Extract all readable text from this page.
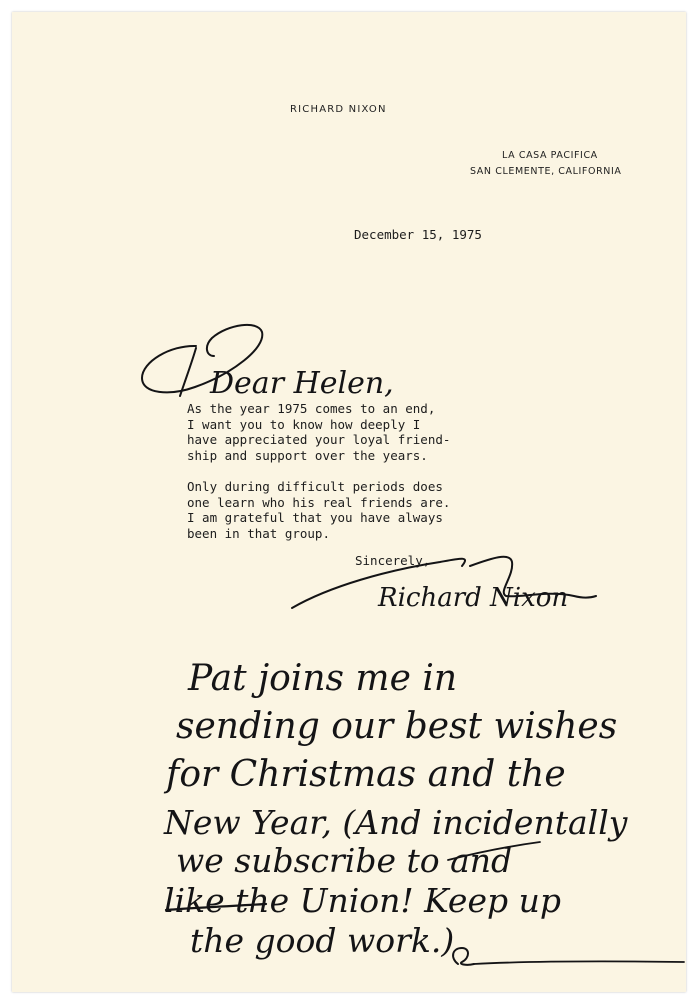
RICHARD NIXON
LA CASA PACIFICA
SAN CLEMENTE, CALIFORNIA
December 15, 1975
As the year 1975 comes to an end,
I want you to know how deeply I
have appreciated your loyal friend-
ship and support over the years.
Only during difficult periods does
one learn who his real friends are.
I am grateful that you have always
been in that group.
Sincerely,
Dear Helen,
Richard Nixon
Pat joins me in
sending our best wishes
for Christmas and the
New Year, (And incidentally
we subscribe to and
like the Union! Keep up
the good work.)
